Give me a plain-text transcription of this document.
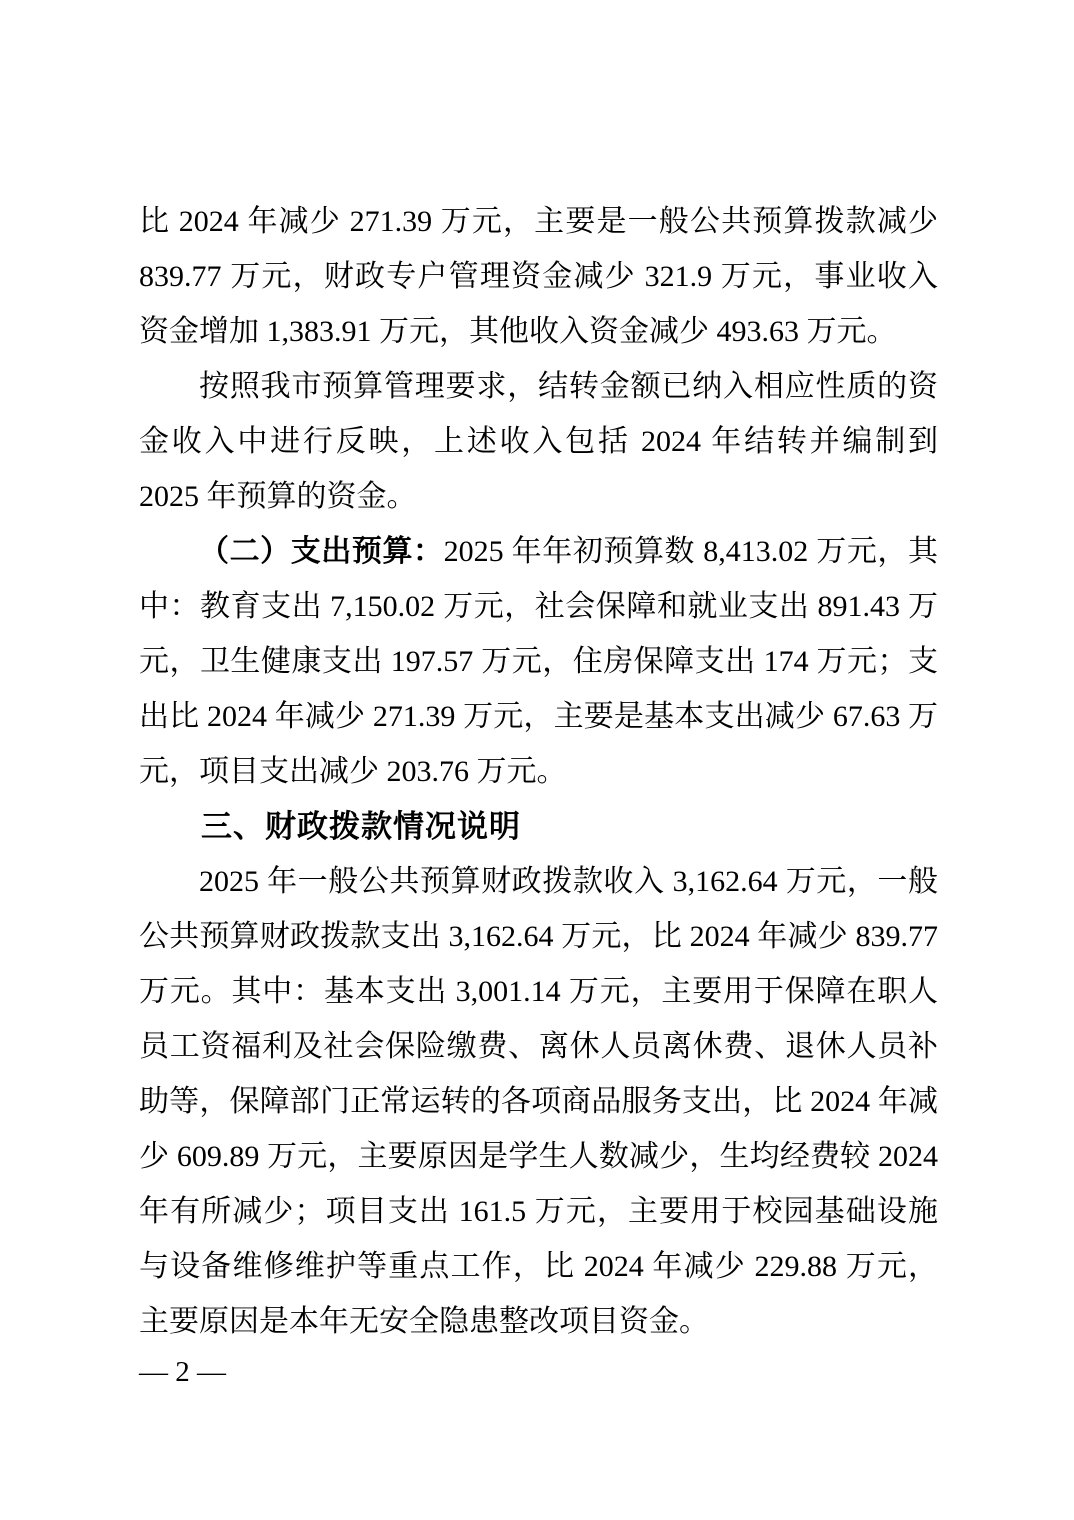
比 2024 年减少 271.39 万元，主要是一般公共预算拨款减少 839.77 万元，财政专户管理资金减少 321.9 万元，事业收入资金增加 1,383.91 万元，其他收入资金减少 493.63 万元。

按照我市预算管理要求，结转金额已纳入相应性质的资金收入中进行反映，上述收入包括 2024 年结转并编制到 2025 年预算的资金。

（二）支出预算：2025 年年初预算数 8,413.02 万元，其中：教育支出 7,150.02 万元，社会保障和就业支出 891.43 万元，卫生健康支出 197.57 万元，住房保障支出 174 万元；支出比 2024 年减少 271.39 万元，主要是基本支出减少 67.63 万元，项目支出减少 203.76 万元。

三、财政拨款情况说明

2025 年一般公共预算财政拨款收入 3,162.64 万元，一般公共预算财政拨款支出 3,162.64 万元，比 2024 年减少 839.77 万元。其中：基本支出 3,001.14 万元，主要用于保障在职人员工资福利及社会保险缴费、离休人员离休费、退休人员补助等，保障部门正常运转的各项商品服务支出，比 2024 年减少 609.89 万元，主要原因是学生人数减少，生均经费较 2024 年有所减少；项目支出 161.5 万元，主要用于校园基础设施与设备维修维护等重点工作，比 2024 年减少 229.88 万元，主要原因是本年无安全隐患整改项目资金。

— 2 —
